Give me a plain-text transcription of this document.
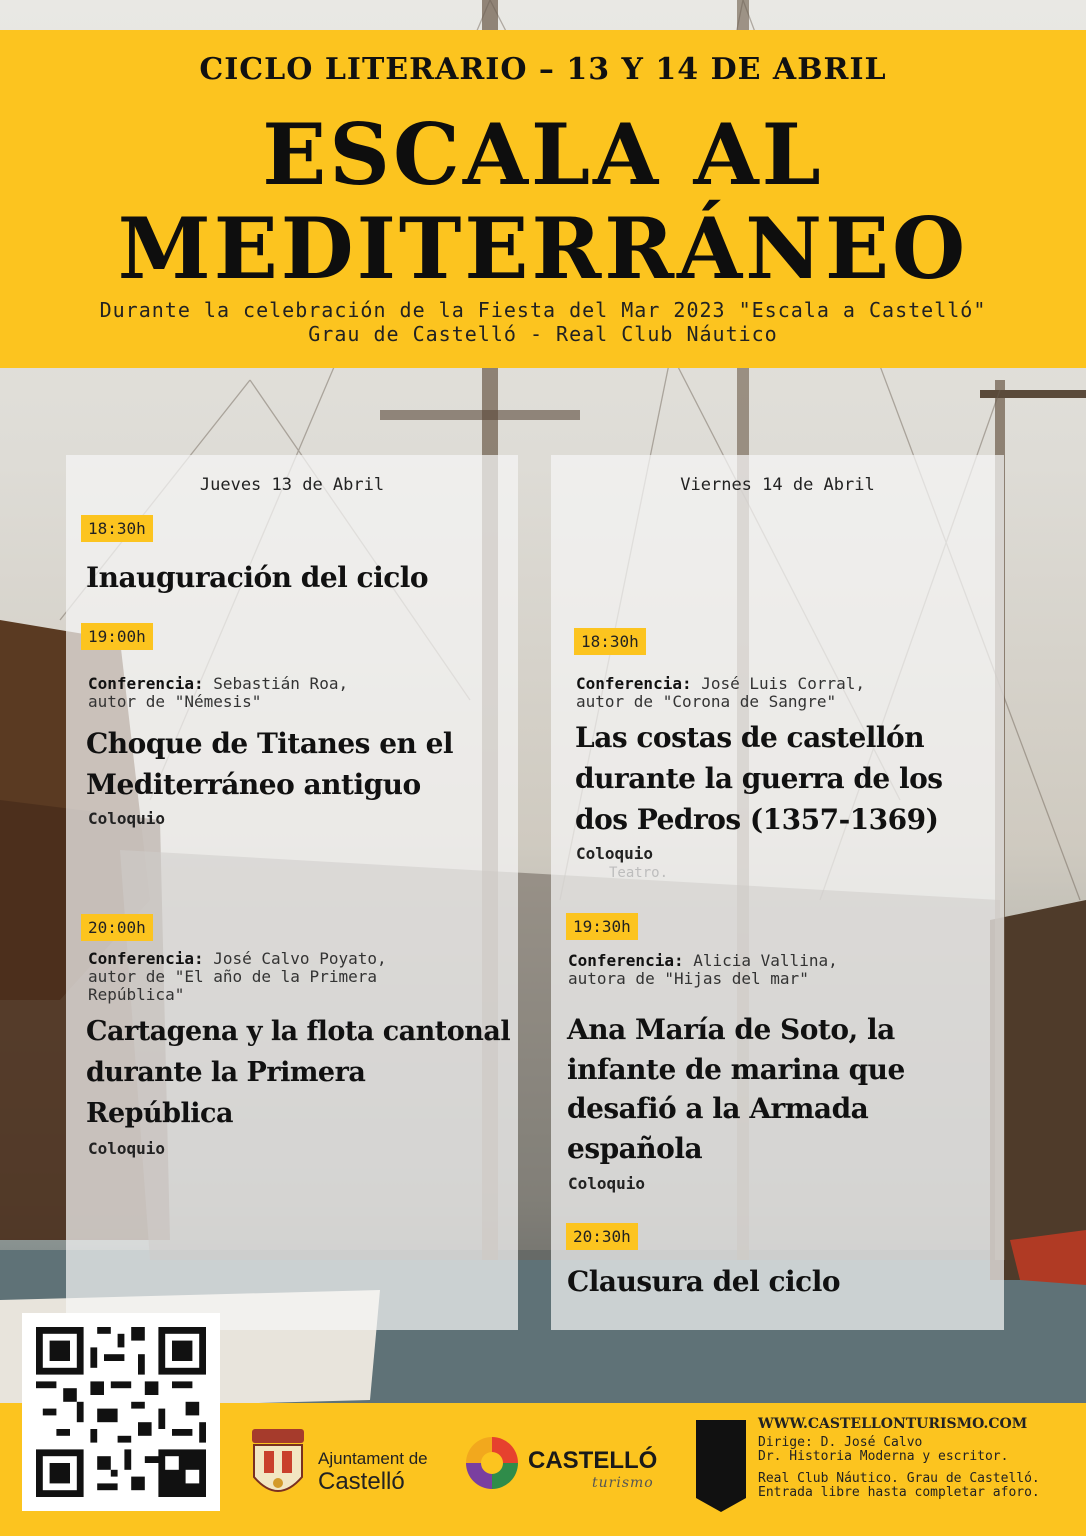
CICLO LITERARIO – 13 Y 14 DE ABRIL
ESCALA AL
MEDITERRÁNEO
Durante la celebración de la Fiesta del Mar 2023 "Escala a Castelló"
Grau de Castelló - Real Club Náutico
Jueves 13 de Abril
18:30h
Inauguración del ciclo
19:00h
Conferencia: Sebastián Roa,
autor de "Némesis"
Choque de Titanes en el
Mediterráneo antiguo
Coloquio
20:00h
Conferencia: José Calvo Poyato,
autor de "El año de la Primera
República"
Cartagena y la flota cantonal
durante la Primera
República
Coloquio
Viernes 14 de Abril
18:30h
Conferencia: José Luis Corral,
autor de "Corona de Sangre"
Las costas de castellón
durante la guerra de los
dos Pedros (1357-1369)
Coloquio
Teatro.
19:30h
Conferencia: Alicia Vallina,
autora de "Hijas del mar"
Ana María de Soto, la
infante de marina que
desafió a la Armada
española
Coloquio
20:30h
Clausura del ciclo
Ajuntament de
Castelló
CASTELLÓ
turismo
WWW.CASTELLONTURISMO.COM
Dirige: D. José Calvo
Dr. Historia Moderna y escritor.
Real Club Náutico. Grau de Castelló.
Entrada libre hasta completar aforo.
